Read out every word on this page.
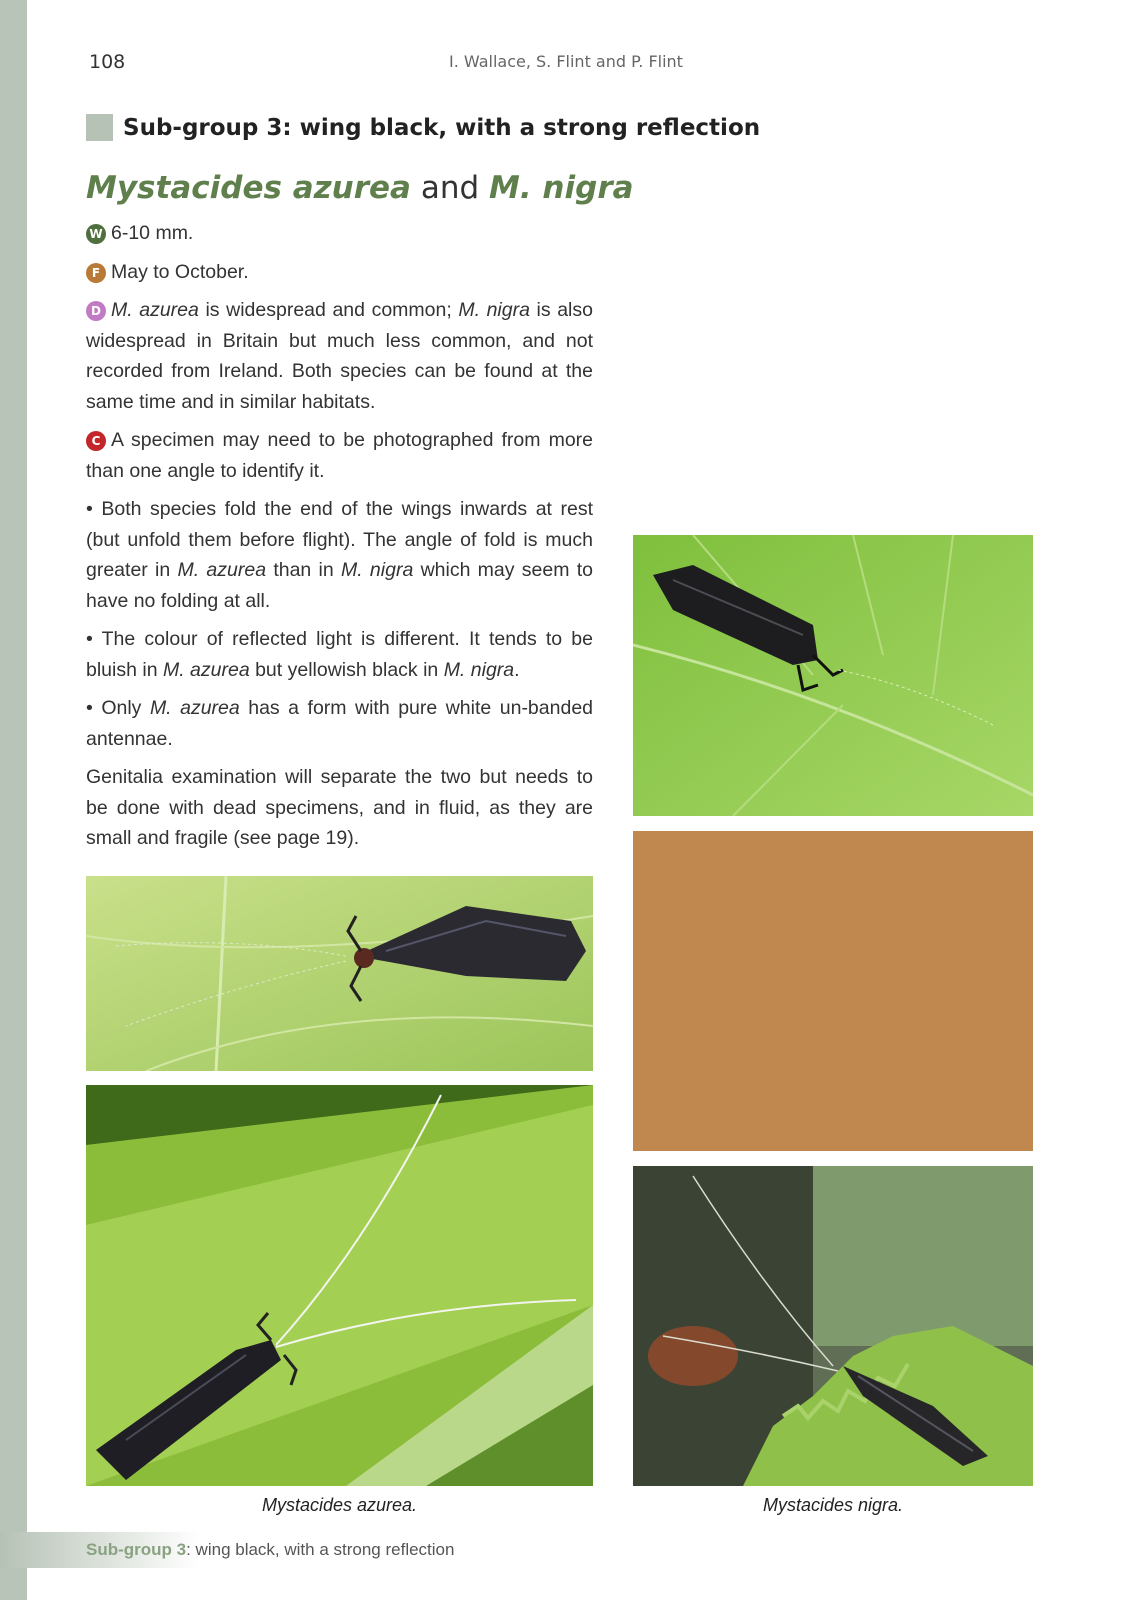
108	I. Wallace, S. Flint and P. Flint
Sub-group 3: wing black, with a strong reflection
Mystacides azurea and M. nigra

W 6-10 mm.

F May to October.

D M. azurea is widespread and common; M. nigra is also widespread in Britain but much less common, and not recorded from Ireland. Both species can be found at the same time and in similar habitats.

C A specimen may need to be photographed from more than one angle to identify it.

• Both species fold the end of the wings inwards at rest (but unfold them before flight). The angle of fold is much greater in M. azurea than in M. nigra which may seem to have no folding at all.

• The colour of reflected light is different. It tends to be bluish in M. azurea but yellowish black in M. nigra.

• Only M. azurea has a form with pure white un-banded antennae.

Genitalia examination will separate the two but needs to be done with dead specimens, and in fluid, as they are small and fragile (see page 19).

Mystacides azurea.	Mystacides nigra.
Sub-group 3: wing black, with a strong reflection
